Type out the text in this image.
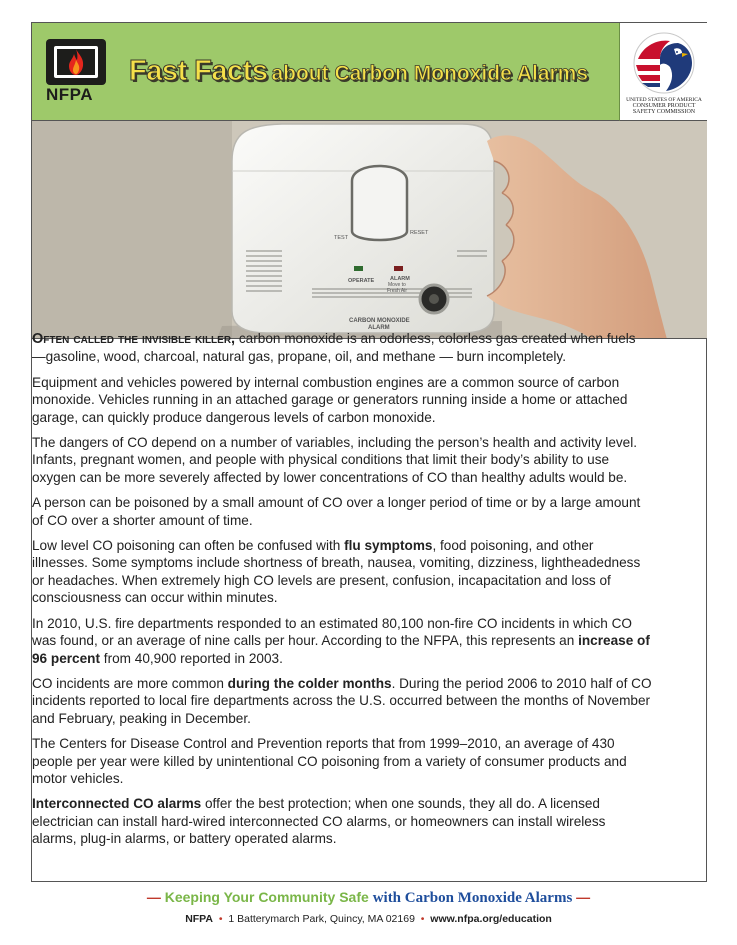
NFPA
Fast Facts about Carbon Monoxide Alarms
UNITED STATES OF AMERICA
CONSUMER PRODUCT
SAFETY COMMISSION
TEST
RESET
OPERATE	ALARM
Move to
Fresh Air
CARBON MONOXIDE
ALARM

Often called the invisible killer, carbon monoxide is an odorless, colorless gas created when fuels —gasoline, wood, charcoal, natural gas, propane, oil, and methane — burn incompletely.

Equipment and vehicles powered by internal combustion engines are a common source of carbon monoxide. Vehicles running in an attached garage or generators running inside a home or attached garage, can quickly produce dangerous levels of carbon monoxide.

The dangers of CO depend on a number of variables, including the person’s health and activity level. Infants, pregnant women, and people with physical conditions that limit their body’s ability to use oxygen can be more severely affected by lower concentrations of CO than healthy adults would be.

A person can be poisoned by a small amount of CO over a longer period of time or by a large amount of CO over a shorter amount of time.

Low level CO poisoning can often be confused with flu symptoms, food poisoning, and other illnesses. Some symptoms include shortness of breath, nausea, vomiting, dizziness, lightheadedness or headaches. When extremely high CO levels are present, confusion, incapacitation and loss of consciousness can occur within minutes.

In 2010, U.S. fire departments responded to an estimated 80,100 non-fire CO incidents in which CO was found, or an average of nine calls per hour. According to the NFPA, this represents an increase of 96 percent from 40,900 reported in 2003.

CO incidents are more common during the colder months. During the period 2006 to 2010 half of CO incidents reported to local fire departments across the U.S. occurred between the months of November and February, peaking in December.

The Centers for Disease Control and Prevention reports that from 1999–2010, an average of 430 people per year were killed by unintentional CO poisoning from a variety of consumer products and motor vehicles.

Interconnected CO alarms offer the best protection; when one sounds, they all do. A licensed electrician can install hard-wired interconnected CO alarms, or homeowners can install wireless alarms, plug-in alarms, or battery operated alarms.

— Keeping Your Community Safe with Carbon Monoxide Alarms —
NFPA  •  1 Batterymarch Park, Quincy, MA 02169  •  www.nfpa.org/education
